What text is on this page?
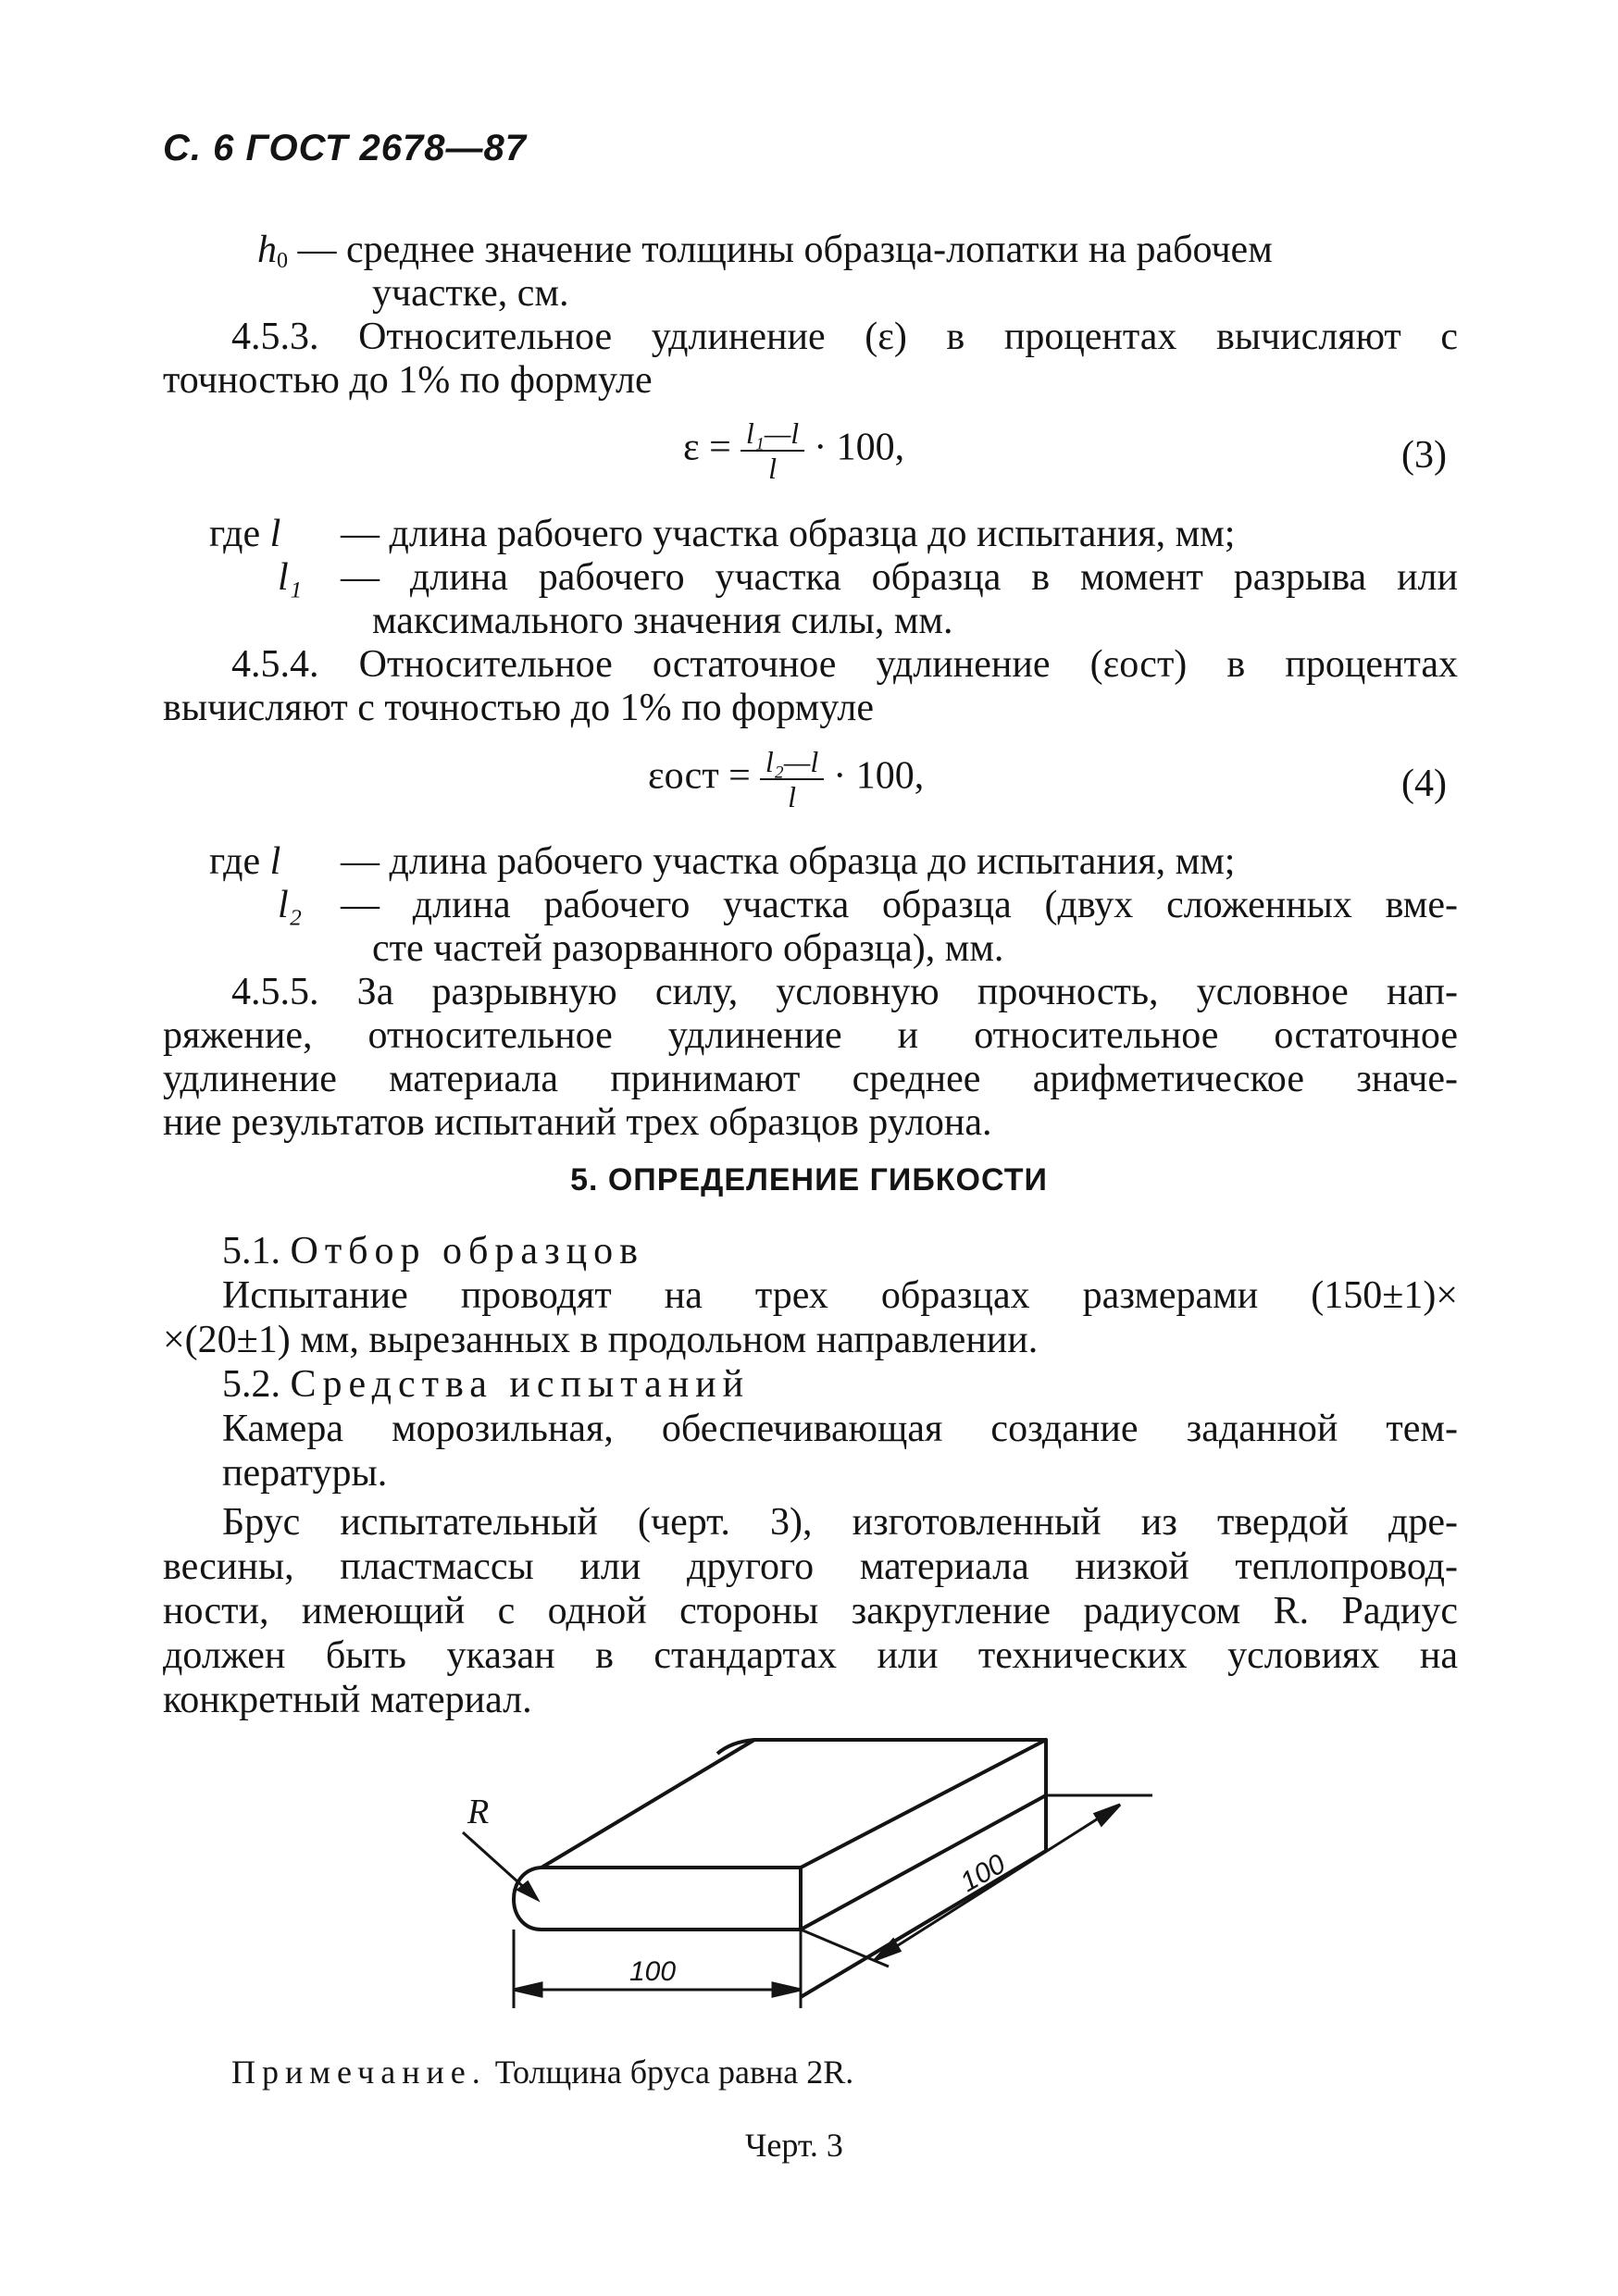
С. 6 ГОСТ 2678—87
$h_0$ — среднее значение толщины образца-лопатки на рабочем
участке, см.
4.5.3. Относительное удлинение (ε) в процентах вычисляют с
точностью до 1% по формуле
$\varepsilon = \frac{\text{l₁—l}}{l} \cdot 100$,	(3)
где l — длина рабочего участка образца до испытания, мм;
l₁ — длина рабочего участка образца в момент разрыва или
максимального значения силы, мм.
4.5.4. Относительное остаточное удлинение (εост) в процентах
вычисляют с точностью до 1% по формуле
$\varepsilon ост = \frac{\text{l₂—l}}{l} \cdot 100$,	(4)
где l — длина рабочего участка образца до испытания, мм;
l₂ — длина рабочего участка образца (двух сложенных вме-
сте частей разорванного образца), мм.
4.5.5. За разрывную силу, условную прочность, условное нап-
ряжение, относительное удлинение и относительное остаточное
удлинение материала принимают среднее арифметическое значе-
ние результатов испытаний трех образцов рулона.
5. ОПРЕДЕЛЕНИЕ ГИБКОСТИ
5.1. Отбор образцов
Испытание проводят на трех образцах размерами (150±1)×
×(20±1) мм, вырезанных в продольном направлении.
5.2. Средства испытаний
Камера морозильная, обеспечивающая создание заданной тем-
пературы.
Брус испытательный (черт. 3), изготовленный из твердой дре-
весины, пластмассы или другого материала низкой теплопровод-
ности, имеющий с одной стороны закругление радиусом R. Радиус
должен быть указан в стандартах или технических условиях на
конкретный материал.
R
100
100
Примечание. Толщина бруса равна 2R.
Черт. 3
